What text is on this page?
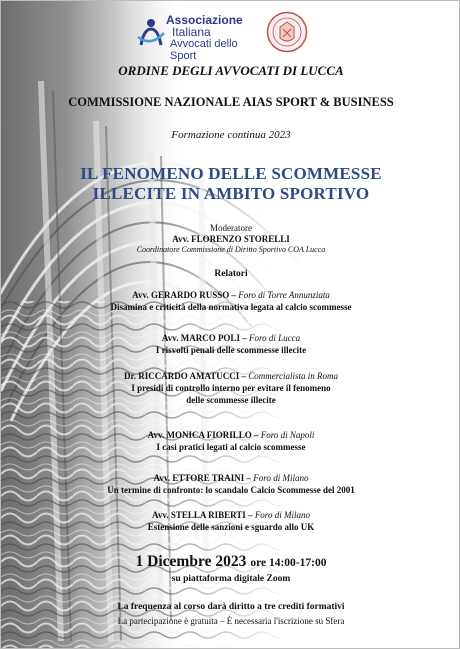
Associazione
Italiana
Avvocati dello Sport
ORDINE DEGLI AVVOCATI DI LUCCA
COMMISSIONE NAZIONALE AIAS SPORT & BUSINESS
Formazione continua 2023
IL FENOMENO DELLE SCOMMESSE
ILLECITE IN AMBITO SPORTIVO
Moderatore
Avv. FLORENZO STORELLI
Coordinatore Commissione di Diritto Sportivo COA Lucca
Relatori
Avv. GERARDO RUSSO – Foro di Torre Annunziata
Disamina e criticità della normativa legata al calcio scommesse
Avv. MARCO POLI – Foro di Lucca
I risvolti penali delle scommesse illecite
Dr. RICCARDO AMATUCCI – Commercialista in Roma
I presidi di controllo interno per evitare il fenomeno
delle scommesse illecite
Avv. MONICA FIORILLO – Foro di Napoli
I casi pratici legati al calcio scommesse
Avv. ETTORE TRAINI – Foro di Milano
Un termine di confronto: lo scandalo Calcio Scommesse del 2001
Avv. STELLA RIBERTI – Foro di Milano
Estensione delle sanzioni e sguardo allo UK
1 Dicembre 2023 ore 14:00-17:00
su piattaforma digitale Zoom
La frequenza al corso darà diritto a tre crediti formativi
La partecipazione è gratuita – È necessaria l'iscrizione su Sfera
